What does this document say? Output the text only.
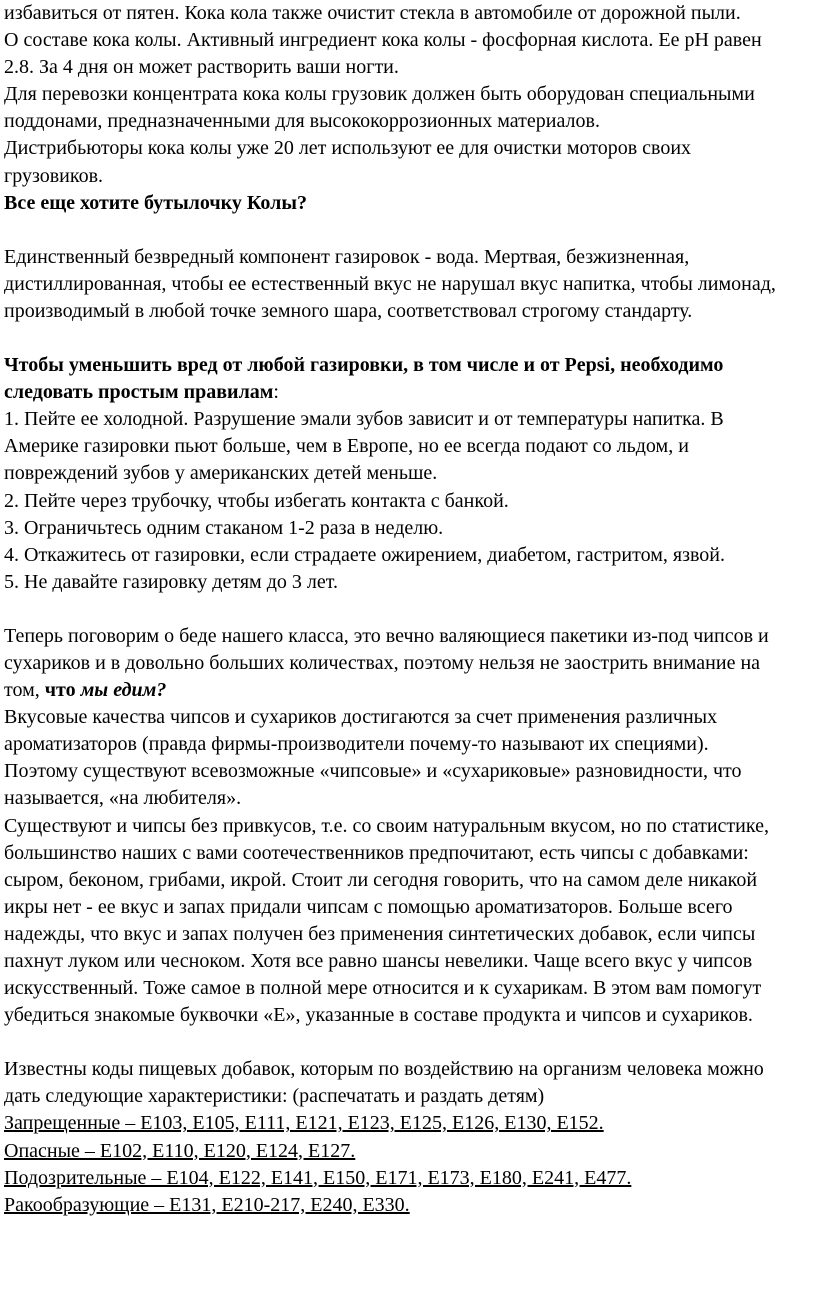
избавиться от пятен. Кока кола также очистит стекла в автомобиле от дорожной пыли.

О составе кока колы. Активный ингредиент кока колы - фосфорная кислота. Ее pH равен

2.8. За 4 дня он может растворить ваши ногти.

Для перевозки концентрата кока колы грузовик должен быть оборудован специальными

поддонами, предназначенными для высококоррозионных материалов.

Дистрибьюторы кока колы уже 20 лет используют ее для очистки моторов своих

грузовиков.

Все еще хотите бутылочку Колы?

Единственный безвредный компонент газировок - вода. Мертвая, безжизненная,

дистиллированная, чтобы ее естественный вкус не нарушал вкус напитка, чтобы лимонад,

производимый в любой точке земного шара, соответствовал строгому стандарту.

Чтобы уменьшить вред от любой газировки, в том числе и от Pepsi, необходимо

следовать простым правилам:

1. Пейте ее холодной. Разрушение эмали зубов зависит и от температуры напитка. В

Америке газировки пьют больше, чем в Европе, но ее всегда подают со льдом, и

повреждений зубов у американских детей меньше.

2. Пейте через трубочку, чтобы избегать контакта с банкой.

3. Ограничьтесь одним стаканом 1-2 раза в неделю.

4. Откажитесь от газировки, если страдаете ожирением, диабетом, гастритом, язвой.

5. Не давайте газировку детям до 3 лет.

Теперь поговорим о беде нашего класса, это вечно валяющиеся пакетики из-под чипсов и

сухариков и в довольно больших количествах, поэтому нельзя не заострить внимание на

том, что мы едим?

Вкусовые качества чипсов и сухариков достигаются за счет применения различных

ароматизаторов (правда фирмы-производители почему-то называют их специями).

Поэтому существуют всевозможные «чипсовые» и «сухариковые» разновидности, что

называется, «на любителя».

Существуют и чипсы без привкусов, т.е. со своим натуральным вкусом, но по статистике,

большинство наших с вами соотечественников предпочитают, есть чипсы с добавками:

сыром, беконом, грибами, икрой. Стоит ли сегодня говорить, что на самом деле никакой

икры нет - ее вкус и запах придали чипсам с помощью ароматизаторов. Больше всего

надежды, что вкус и запах получен без применения синтетических добавок, если чипсы

пахнут луком или чесноком. Хотя все равно шансы невелики. Чаще всего вкус у чипсов

искусственный. Тоже самое в полной мере относится и к сухарикам. В этом вам помогут

убедиться знакомые буквочки «Е», указанные в составе продукта и чипсов и сухариков.

Известны коды пищевых добавок, которым по воздействию на организм человека можно

дать следующие характеристики: (распечатать и раздать детям)

Запрещенные – Е103, Е105, Е111, Е121, Е123, Е125, Е126, Е130, Е152.

Опасные – Е102, Е110, Е120, Е124, Е127.

Подозрительные – Е104, Е122, Е141, Е150, Е171, Е173, Е180, Е241, Е477.

Ракообразующие – Е131, Е210-217, Е240, Е330.
